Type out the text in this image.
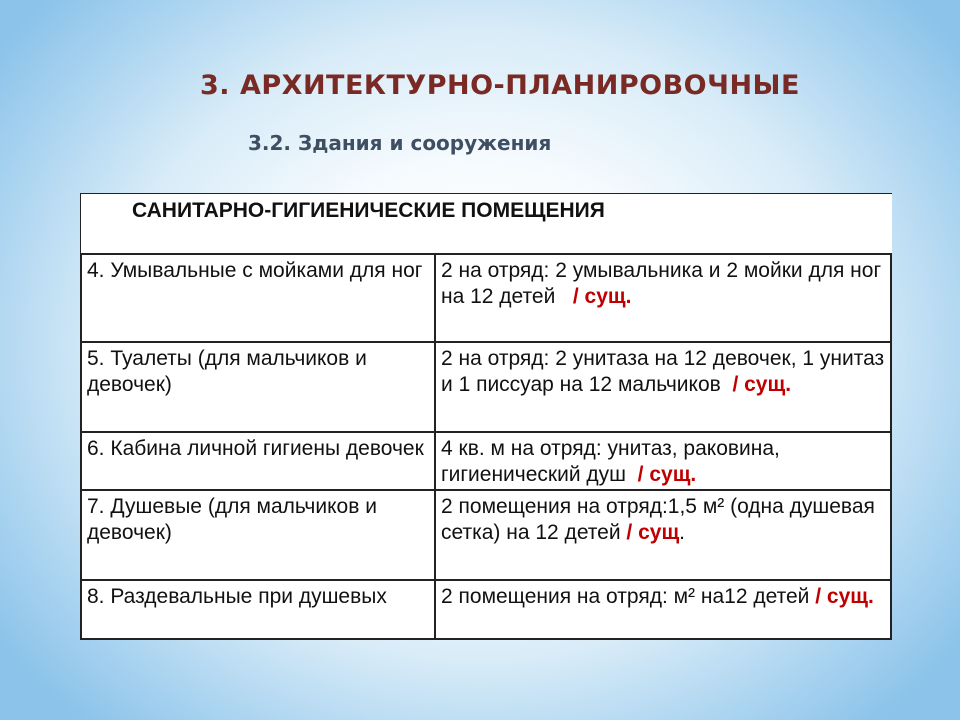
3. АРХИТЕКТУРНО-ПЛАНИРОВОЧНЫЕ
3.2. Здания и сооружения
САНИТАРНО-ГИГИЕНИЧЕСКИЕ ПОМЕЩЕНИЯ
4. Умывальные с мойками для ног 2 на отряд: 2 умывальника и 2 мойки для ног на 12 детей   / сущ.
5. Туалеты (для мальчиков и девочек)
2 на отряд: 2 унитаза на 12 девочек, 1 унитаз и 1 писсуар на 12 мальчиков  / сущ.
6. Кабина личной гигиены девочек 4 кв. м на отряд: унитаз, раковина, гигиенический душ  / сущ.
7. Душевые (для мальчиков и девочек)
2 помещения на отряд:1,5 м² (одна душевая сетка) на 12 детей / сущ.
8. Раздевальные при душевых	2 помещения на отряд: м² на12 детей / сущ.
